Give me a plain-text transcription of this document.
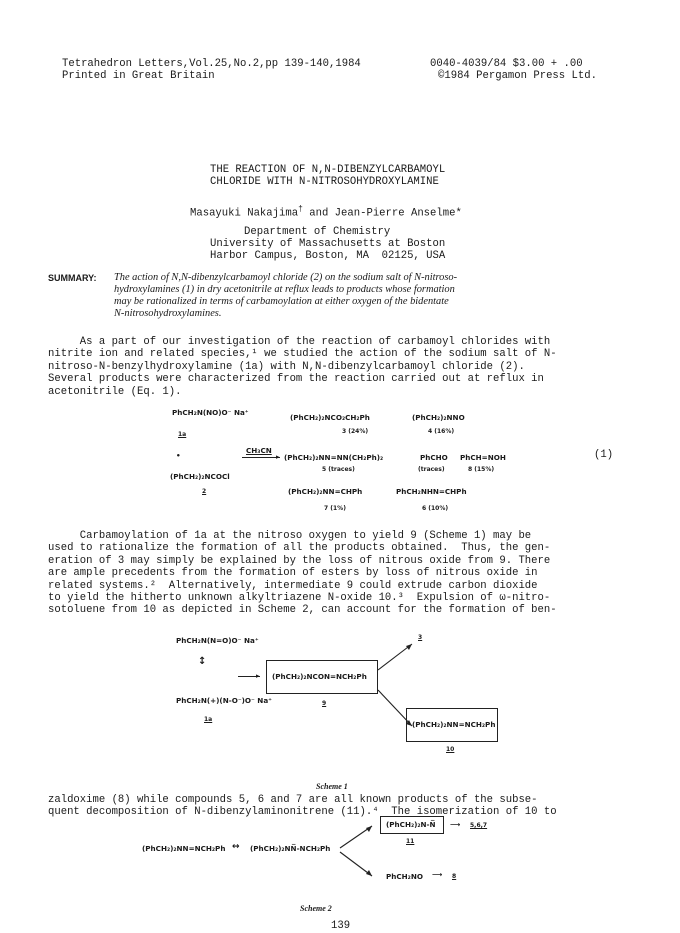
Tetrahedron Letters,Vol.25,No.2,pp 139-140,1984
Printed in Great Britain
0040-4039/84 $3.00 + .00
©1984 Pergamon Press Ltd.
THE REACTION OF N,N-DIBENZYLCARBAMOYL
CHLORIDE WITH N-NITROSOHYDROXYLAMINE
Masayuki Nakajima† and Jean-Pierre Anselme*
Department of Chemistry
University of Massachusetts at Boston
Harbor Campus, Boston, MA  02125, USA
SUMMARY: The action of N,N-dibenzylcarbamoyl chloride (2) on the sodium salt of N-nitroso-
hydroxylamines (1) in dry acetonitrile at reflux leads to products whose formation
may be rationalized in terms of carbamoylation at either oxygen of the bidentate
N-nitrosohydroxylamines.
As a part of our investigation of the reaction of carbamoyl chlorides with
nitrite ion and related species,¹ we studied the action of the sodium salt of N-
nitroso-N-benzylhydroxylamine (1a) with N,N-dibenzylcarbamoyl chloride (2).
Several products were characterized from the reaction carried out at reflux in
acetonitrile (Eq. 1).
PhCH₂N(NO)O⁻ Na⁺
1a
•
(PhCH₂)₂NCOCl
2
CH₃CN
▸
(PhCH₂)₂NCO₂CH₂Ph
3 (24%)
(PhCH₂)₂NNO
4 (16%)
(PhCH₂)₂NN=NN(CH₂Ph)₂
5 (traces)
PhCHO
(traces)
PhCH=NOH
8 (15%)
(1)
(PhCH₂)₂NN=CHPh
7 (1%)
PhCH₂NHN=CHPh
6 (10%)
Carbamoylation of 1a at the nitroso oxygen to yield 9 (Scheme 1) may be
used to rationalize the formation of all the products obtained.  Thus, the gen-
eration of 3 may simply be explained by the loss of nitrous oxide from 9. There
are ample precedents from the formation of esters by loss of nitrous oxide in
related systems.²  Alternatively, intermediate 9 could extrude carbon dioxide
to yield the hitherto unknown alkyltriazene N-oxide 10.³  Expulsion of ω-nitro-
sotoluene from 10 as depicted in Scheme 2, can account for the formation of ben-
PhCH₂N(N=O)O⁻ Na⁺
↕
PhCH₂N(+)(N-O⁻)O⁻ Na⁺
1a
▸ (PhCH₂)₂NCON=NCH₂Ph
9
3
(PhCH₂)₂NN=NCH₂Ph
10
Scheme 1
zaldoxime (8) while compounds 5, 6 and 7 are all known products of the subse-
quent decomposition of N-dibenzylaminonitrene (11).⁴  The isomerization of 10 to
(PhCH₂)₂NN=NCH₂Ph ↔ (PhCH₂)₂NN̅-NCH₂Ph
(PhCH₂)₂N-N̅
11
⟶ 5,6,7
PhCH₂NO ⟶ 8
Scheme 2
139
